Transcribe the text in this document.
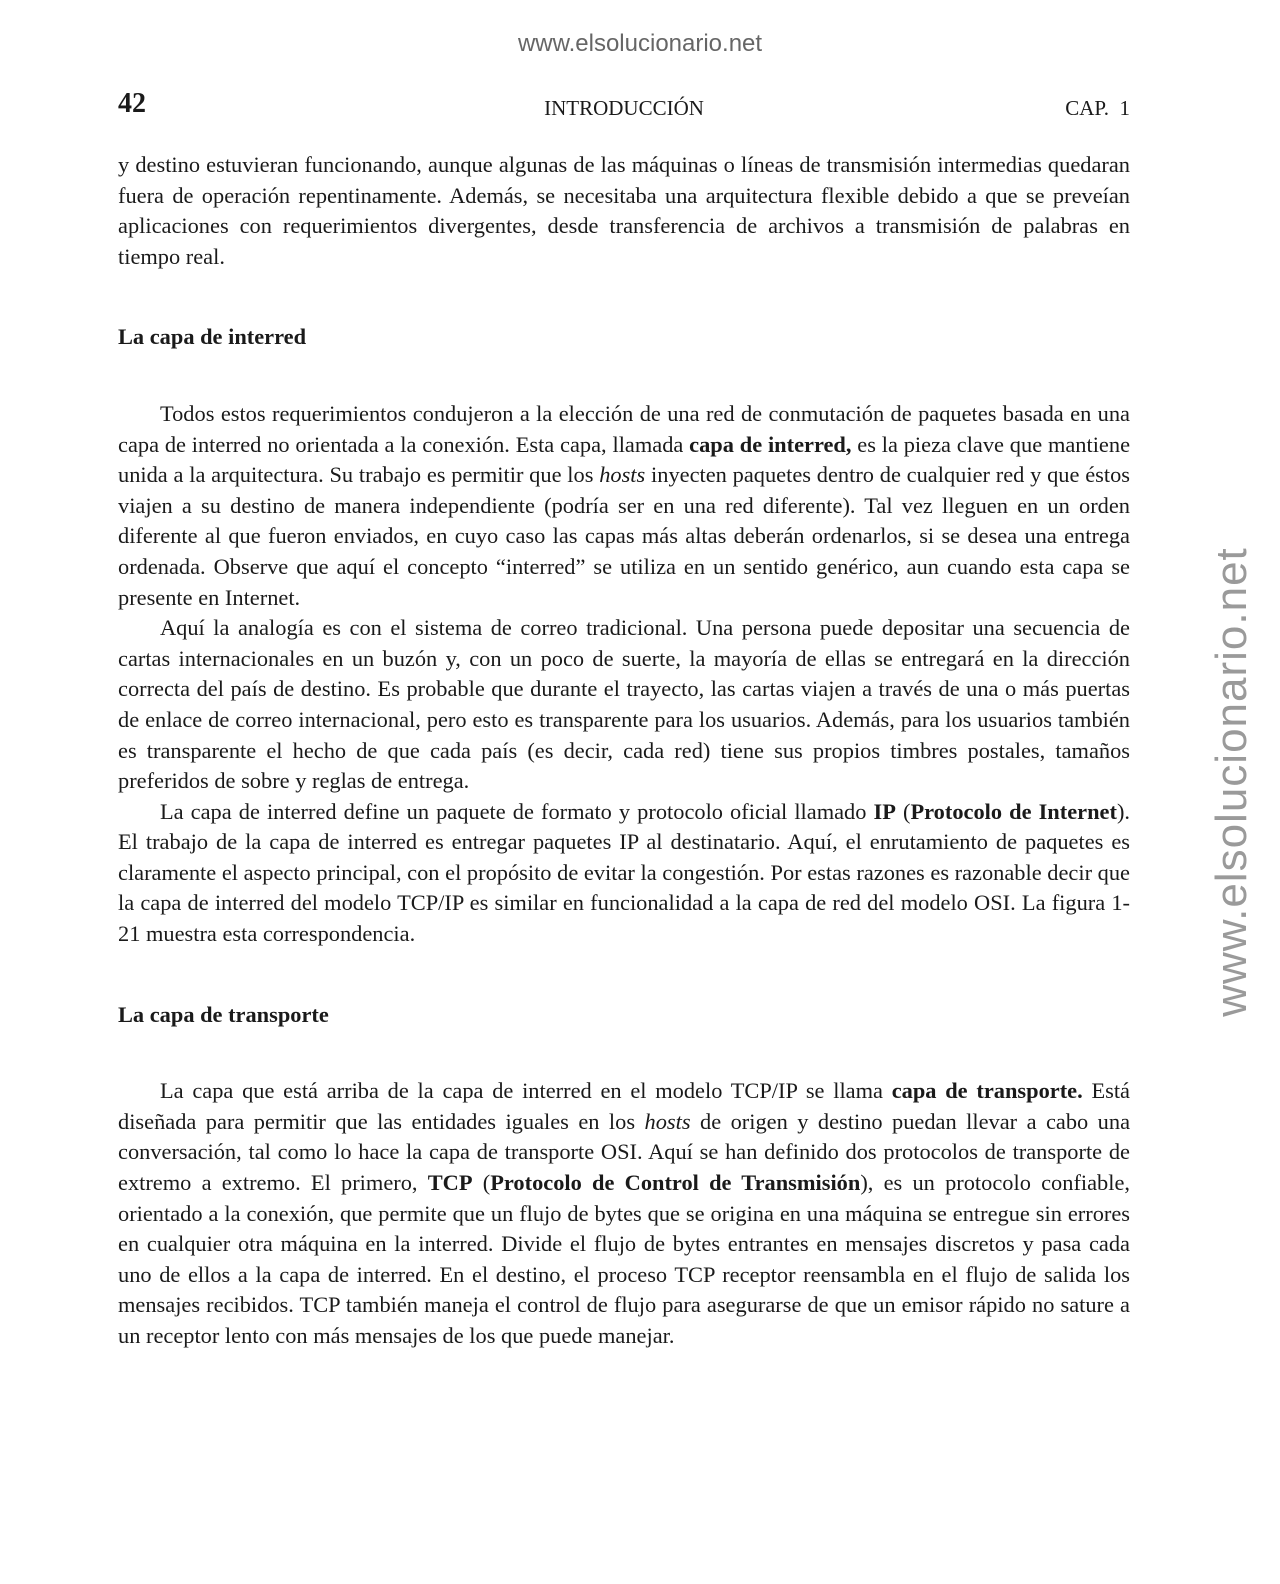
www.elsolucionario.net
www.elsolucionario.net
42	INTRODUCCIÓN	CAP.  1

y destino estuvieran funcionando, aunque algunas de las máquinas o líneas de transmisión intermedias quedaran fuera de operación repentinamente. Además, se necesitaba una arquitectura flexible debido a que se preveían aplicaciones con requerimientos divergentes, desde transferencia de archivos a transmisión de palabras en tiempo real.

La capa de interred

Todos estos requerimientos condujeron a la elección de una red de conmutación de paquetes basada en una capa de interred no orientada a la conexión. Esta capa, llamada capa de interred, es la pieza clave que mantiene unida a la arquitectura. Su trabajo es permitir que los hosts inyecten paquetes dentro de cualquier red y que éstos viajen a su destino de manera independiente (podría ser en una red diferente). Tal vez lleguen en un orden diferente al que fueron enviados, en cuyo caso las capas más altas deberán ordenarlos, si se desea una entrega ordenada. Observe que aquí el concepto “interred” se utiliza en un sentido genérico, aun cuando esta capa se presente en Internet.

Aquí la analogía es con el sistema de correo tradicional. Una persona puede depositar una secuencia de cartas internacionales en un buzón y, con un poco de suerte, la mayoría de ellas se entregará en la dirección correcta del país de destino. Es probable que durante el trayecto, las cartas viajen a través de una o más puertas de enlace de correo internacional, pero esto es transparente para los usuarios. Además, para los usuarios también es transparente el hecho de que cada país (es decir, cada red) tiene sus propios timbres postales, tamaños preferidos de sobre y reglas de entrega.

La capa de interred define un paquete de formato y protocolo oficial llamado IP (Protocolo de Internet). El trabajo de la capa de interred es entregar paquetes IP al destinatario. Aquí, el enrutamiento de paquetes es claramente el aspecto principal, con el propósito de evitar la congestión. Por estas razones es razonable decir que la capa de interred del modelo TCP/IP es similar en funcionalidad a la capa de red del modelo OSI. La figura 1-21 muestra esta correspondencia.

La capa de transporte

La capa que está arriba de la capa de interred en el modelo TCP/IP se llama capa de transporte. Está diseñada para permitir que las entidades iguales en los hosts de origen y destino puedan llevar a cabo una conversación, tal como lo hace la capa de transporte OSI. Aquí se han definido dos protocolos de transporte de extremo a extremo. El primero, TCP (Protocolo de Control de Transmisión), es un protocolo confiable, orientado a la conexión, que permite que un flujo de bytes que se origina en una máquina se entregue sin errores en cualquier otra máquina en la interred. Divide el flujo de bytes entrantes en mensajes discretos y pasa cada uno de ellos a la capa de interred. En el destino, el proceso TCP receptor reensambla en el flujo de salida los mensajes recibidos. TCP también maneja el control de flujo para asegurarse de que un emisor rápido no sature a un receptor lento con más mensajes de los que puede manejar.
